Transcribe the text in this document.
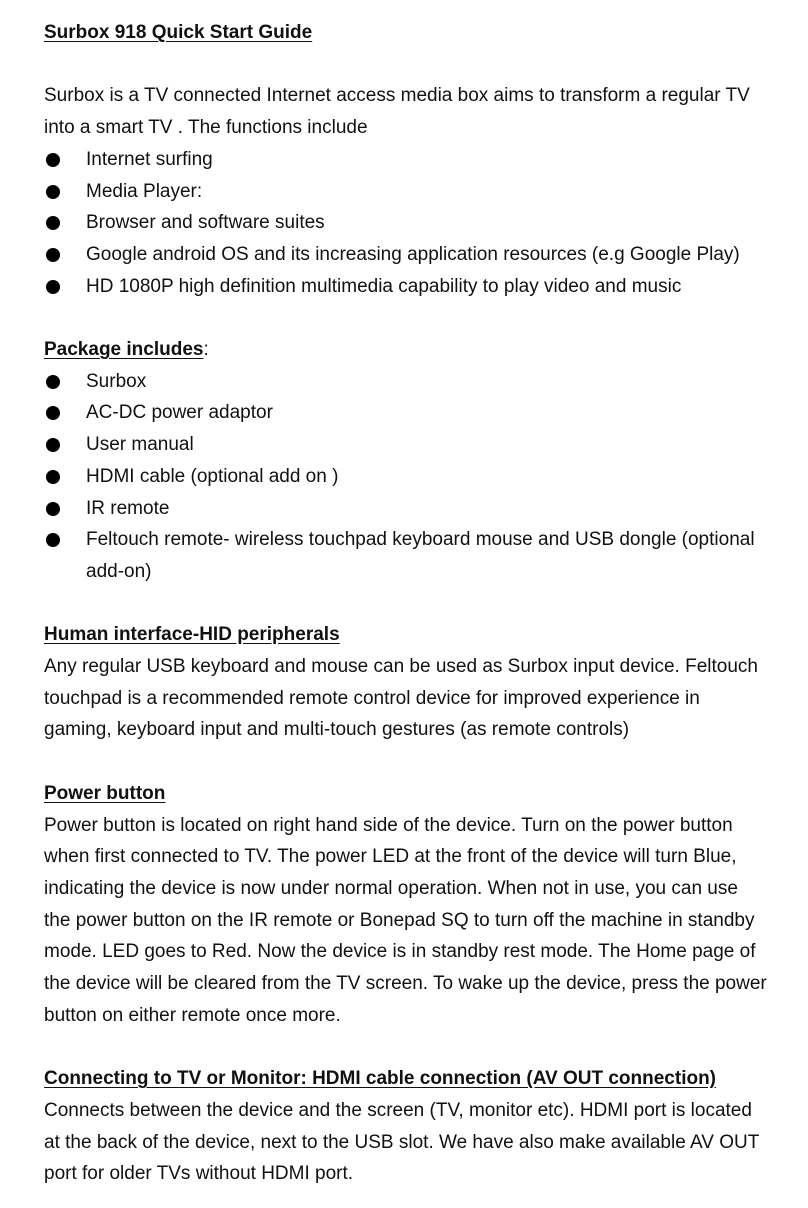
Surbox 918 Quick Start Guide

Surbox is a TV connected Internet access media box aims to transform a regular TV into a smart TV . The functions include

Internet surfing
Media Player:
Browser and software suites
Google android OS and its increasing application resources (e.g Google Play)
HD 1080P high definition multimedia capability to play video and music

Package includes:

Surbox
AC-DC power adaptor
User manual
HDMI cable (optional add on )
IR remote
Feltouch remote- wireless touchpad keyboard mouse and USB dongle (optional add-on)

Human interface-HID peripherals

Any regular USB keyboard and mouse can be used as Surbox input device. Feltouch touchpad is a recommended remote control device for improved experience in gaming, keyboard input and multi-touch gestures (as remote controls)

Power button

Power button is located on right hand side of the device. Turn on the power button when first connected to TV. The power LED at the front of the device will turn Blue, indicating the device is now under normal operation. When not in use, you can use the power button on the IR remote or Bonepad SQ to turn off the machine in standby mode. LED goes to Red. Now the device is in standby rest mode. The Home page of the device will be cleared from the TV screen. To wake up the device, press the power button on either remote once more.

Connecting to TV or Monitor: HDMI cable connection (AV OUT connection)

Connects between the device and the screen (TV, monitor etc). HDMI port is located at the back of the device, next to the USB slot. We have also make available AV OUT port for older TVs without HDMI port.
